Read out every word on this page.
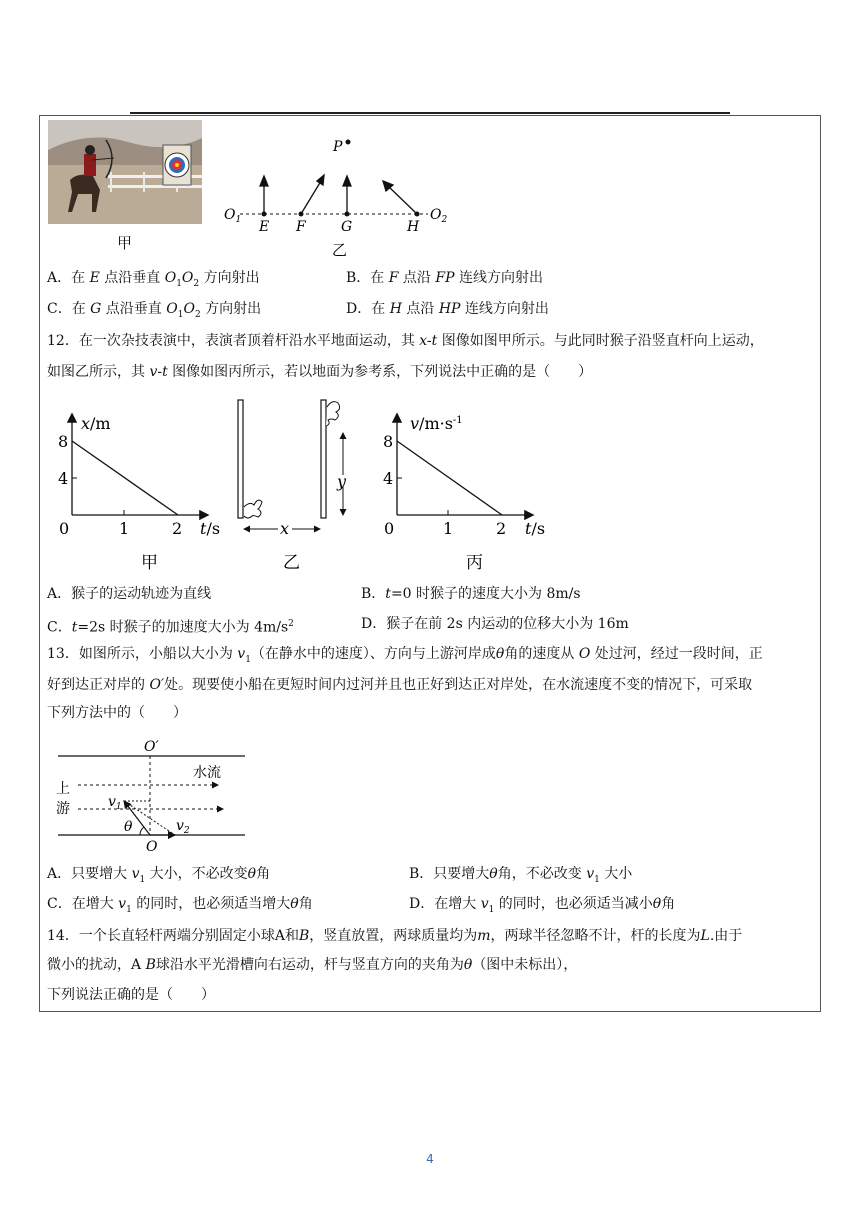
甲
P
$O_1$	$O_2$
E F	G	H
乙
A．在 E 点沿垂直 $O_1O_2$ 方向射出	B．在 F 点沿 FP 连线方向射出
C．在 G 点沿垂直 $O_1O_2$ 方向射出	D．在 H 点沿 HP 连线方向射出
12．在一次杂技表演中，表演者顶着杆沿水平地面运动，其 x-t 图像如图甲所示。与此同时猴子沿竖直杆向上运动，
如图乙所示，其 v-t 图像如图丙所示，若以地面为参考系，下列说法中正确的是（　　）
x/m
8
4
0	1	2 t/s
甲
y
x
乙
$v/m\cdot s^{-1}$
8
4
0	1	2 t/s
丙
A．猴子的运动轨迹为直线	B．t=0 时猴子的速度大小为 8m/s
C．t=2s 时猴子的加速度大小为 $4m/s^2$	D．猴子在前 2s 内运动的位移大小为 16m
13．如图所示，小船以大小为 $v_1$（在静水中的速度）、方向与上游河岸成θ角的速度从 O 处过河，经过一段时间，正
好到达正对岸的 O′处。现要使小船在更短时间内过河并且也正好到达正对岸处，在水流速度不变的情况下，可采取
下列方法中的（　　）
O′
水流
上
游	$v_1$
$v_2$
θ
O
A．只要增大 $v_1$ 大小，不必改变θ角	B．只要增大θ角，不必改变 $v_1$ 大小
C．在增大 $v_1$ 的同时，也必须适当增大θ角	D．在增大 $v_1$ 的同时，也必须适当减小θ角
14．一个长直轻杆两端分别固定小球A和B，竖直放置，两球质量均为m，两球半径忽略不计，杆的长度为L.由于
微小的扰动，A B球沿水平光滑槽向右运动，杆与竖直方向的夹角为θ（图中未标出），
下列说法正确的是（　　）
4
